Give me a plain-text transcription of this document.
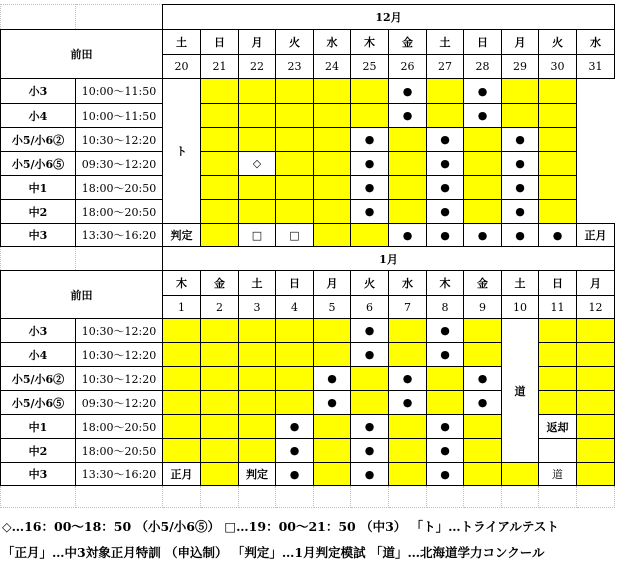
		12月											
前田		土	日	月	火	水	木	金	土	日	月	火	水
		20	21	22	23	24	25	26	27	28	29	30	31
小3	10:00～11:50	ト						●		●			
小4	10:00～11:50							●		●			
小5/小6②	10:30～12:20						●		●		●		
小5/小6⑤	09:30～12:20			◇			●		●		●		
中1	18:00～20:50						●		●		●		
中2	18:00～20:50						●		●		●		
中3	13:30～16:20	判定		□	□			●	●	●	●	●	正月
		1月											
前田		木	金	土	日	月	火	水	木	金	土	日	月
		1	2	3	4	5	6	7	8	9	10	11	12
小3	10:30～12:20						●		●		道		
小4	10:30～12:20						●		●				
小5/小6②	10:30～12:20					●		●		●			
小5/小6⑤	09:30～12:20					●		●		●			
中1	18:00～20:50				●		●		●			返却	
中2	18:00～20:50				●		●		●				
中3	13:30～16:20	正月		判定	●		●		●			道	

◇…16：00～18：50 （小5/小6⑤） □…19：00～21：50 （中3） 「ト」…トライアルテスト
「正月」…中3対象正月特訓 （申込制） 「判定」…1月判定模試 「道」…北海道学力コンクール
